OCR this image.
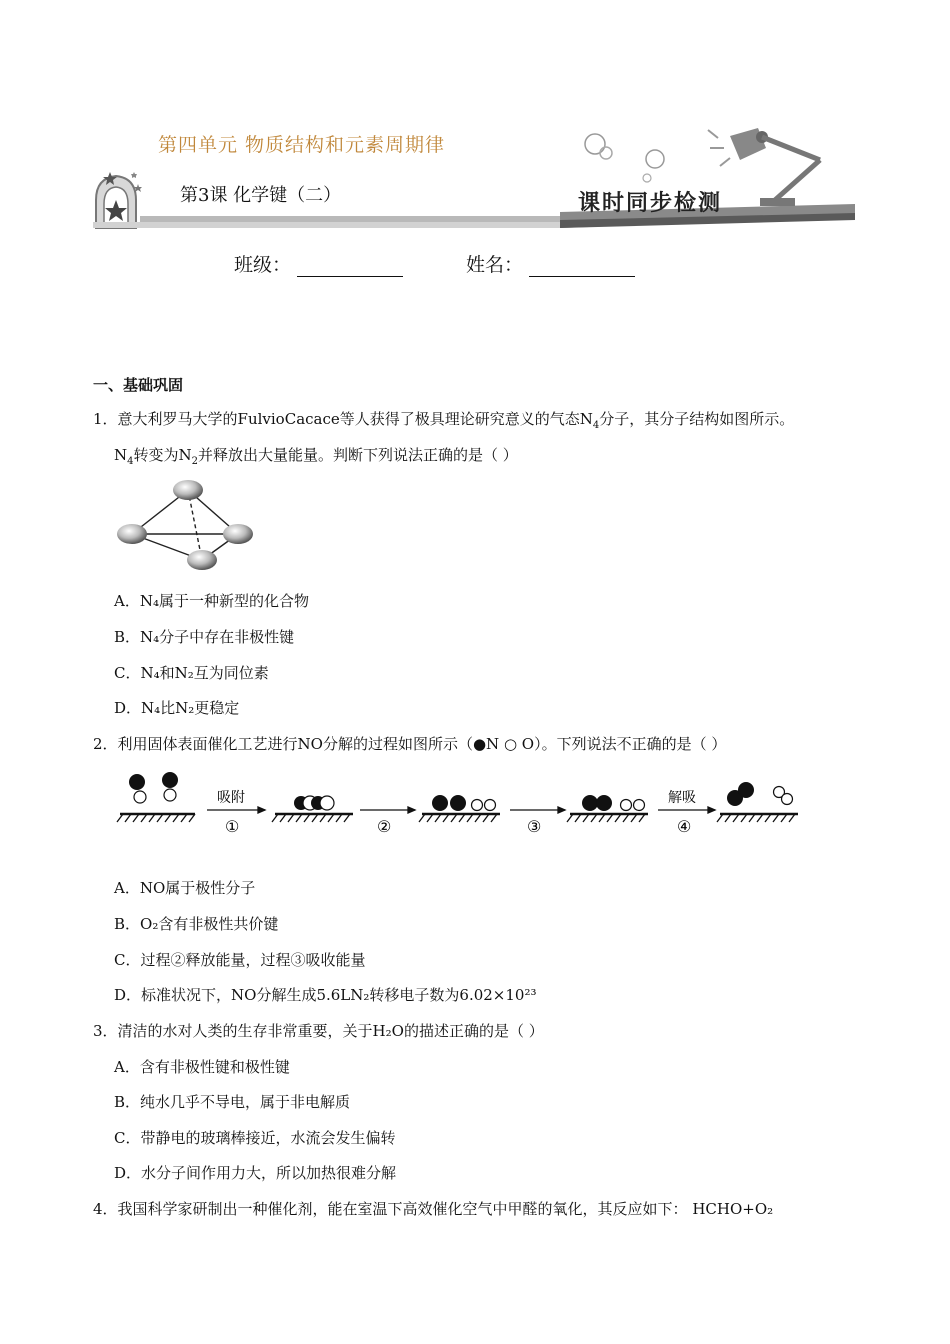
第四单元 物质结构和元素周期律
第3课 化学键（二）	课时同步检测
班级：	姓名：
一、基础巩固
1．意大利罗马大学的FulvioCacace等人获得了极具理论研究意义的气态$N_4$分子，其分子结构如图所示。
$N_4$转变为$N_2$并释放出大量能量。判断下列说法正确的是（ ）
A．N₄属于一种新型的化合物
B．N₄分子中存在非极性键
C．N₄和N₂互为同位素
D．N₄比N₂更稳定
2．利用固体表面催化工艺进行NO分解的过程如图所示（●N ○ O）。下列说法不正确的是（ ）
吸附
①	②	③
解吸
④
A．NO属于极性分子
B．O₂含有非极性共价键
C．过程②释放能量，过程③吸收能量
D．标准状况下，NO分解生成5.6LN₂转移电子数为6.02×10²³
3．清洁的水对人类的生存非常重要，关于H₂O的描述正确的是（ ）
A．含有非极性键和极性键
B．纯水几乎不导电，属于非电解质
C．带静电的玻璃棒接近，水流会发生偏转
D．水分子间作用力大，所以加热很难分解
4．我国科学家研制出一种催化剂，能在室温下高效催化空气中甲醛的氧化，其反应如下： HCHO+O₂
